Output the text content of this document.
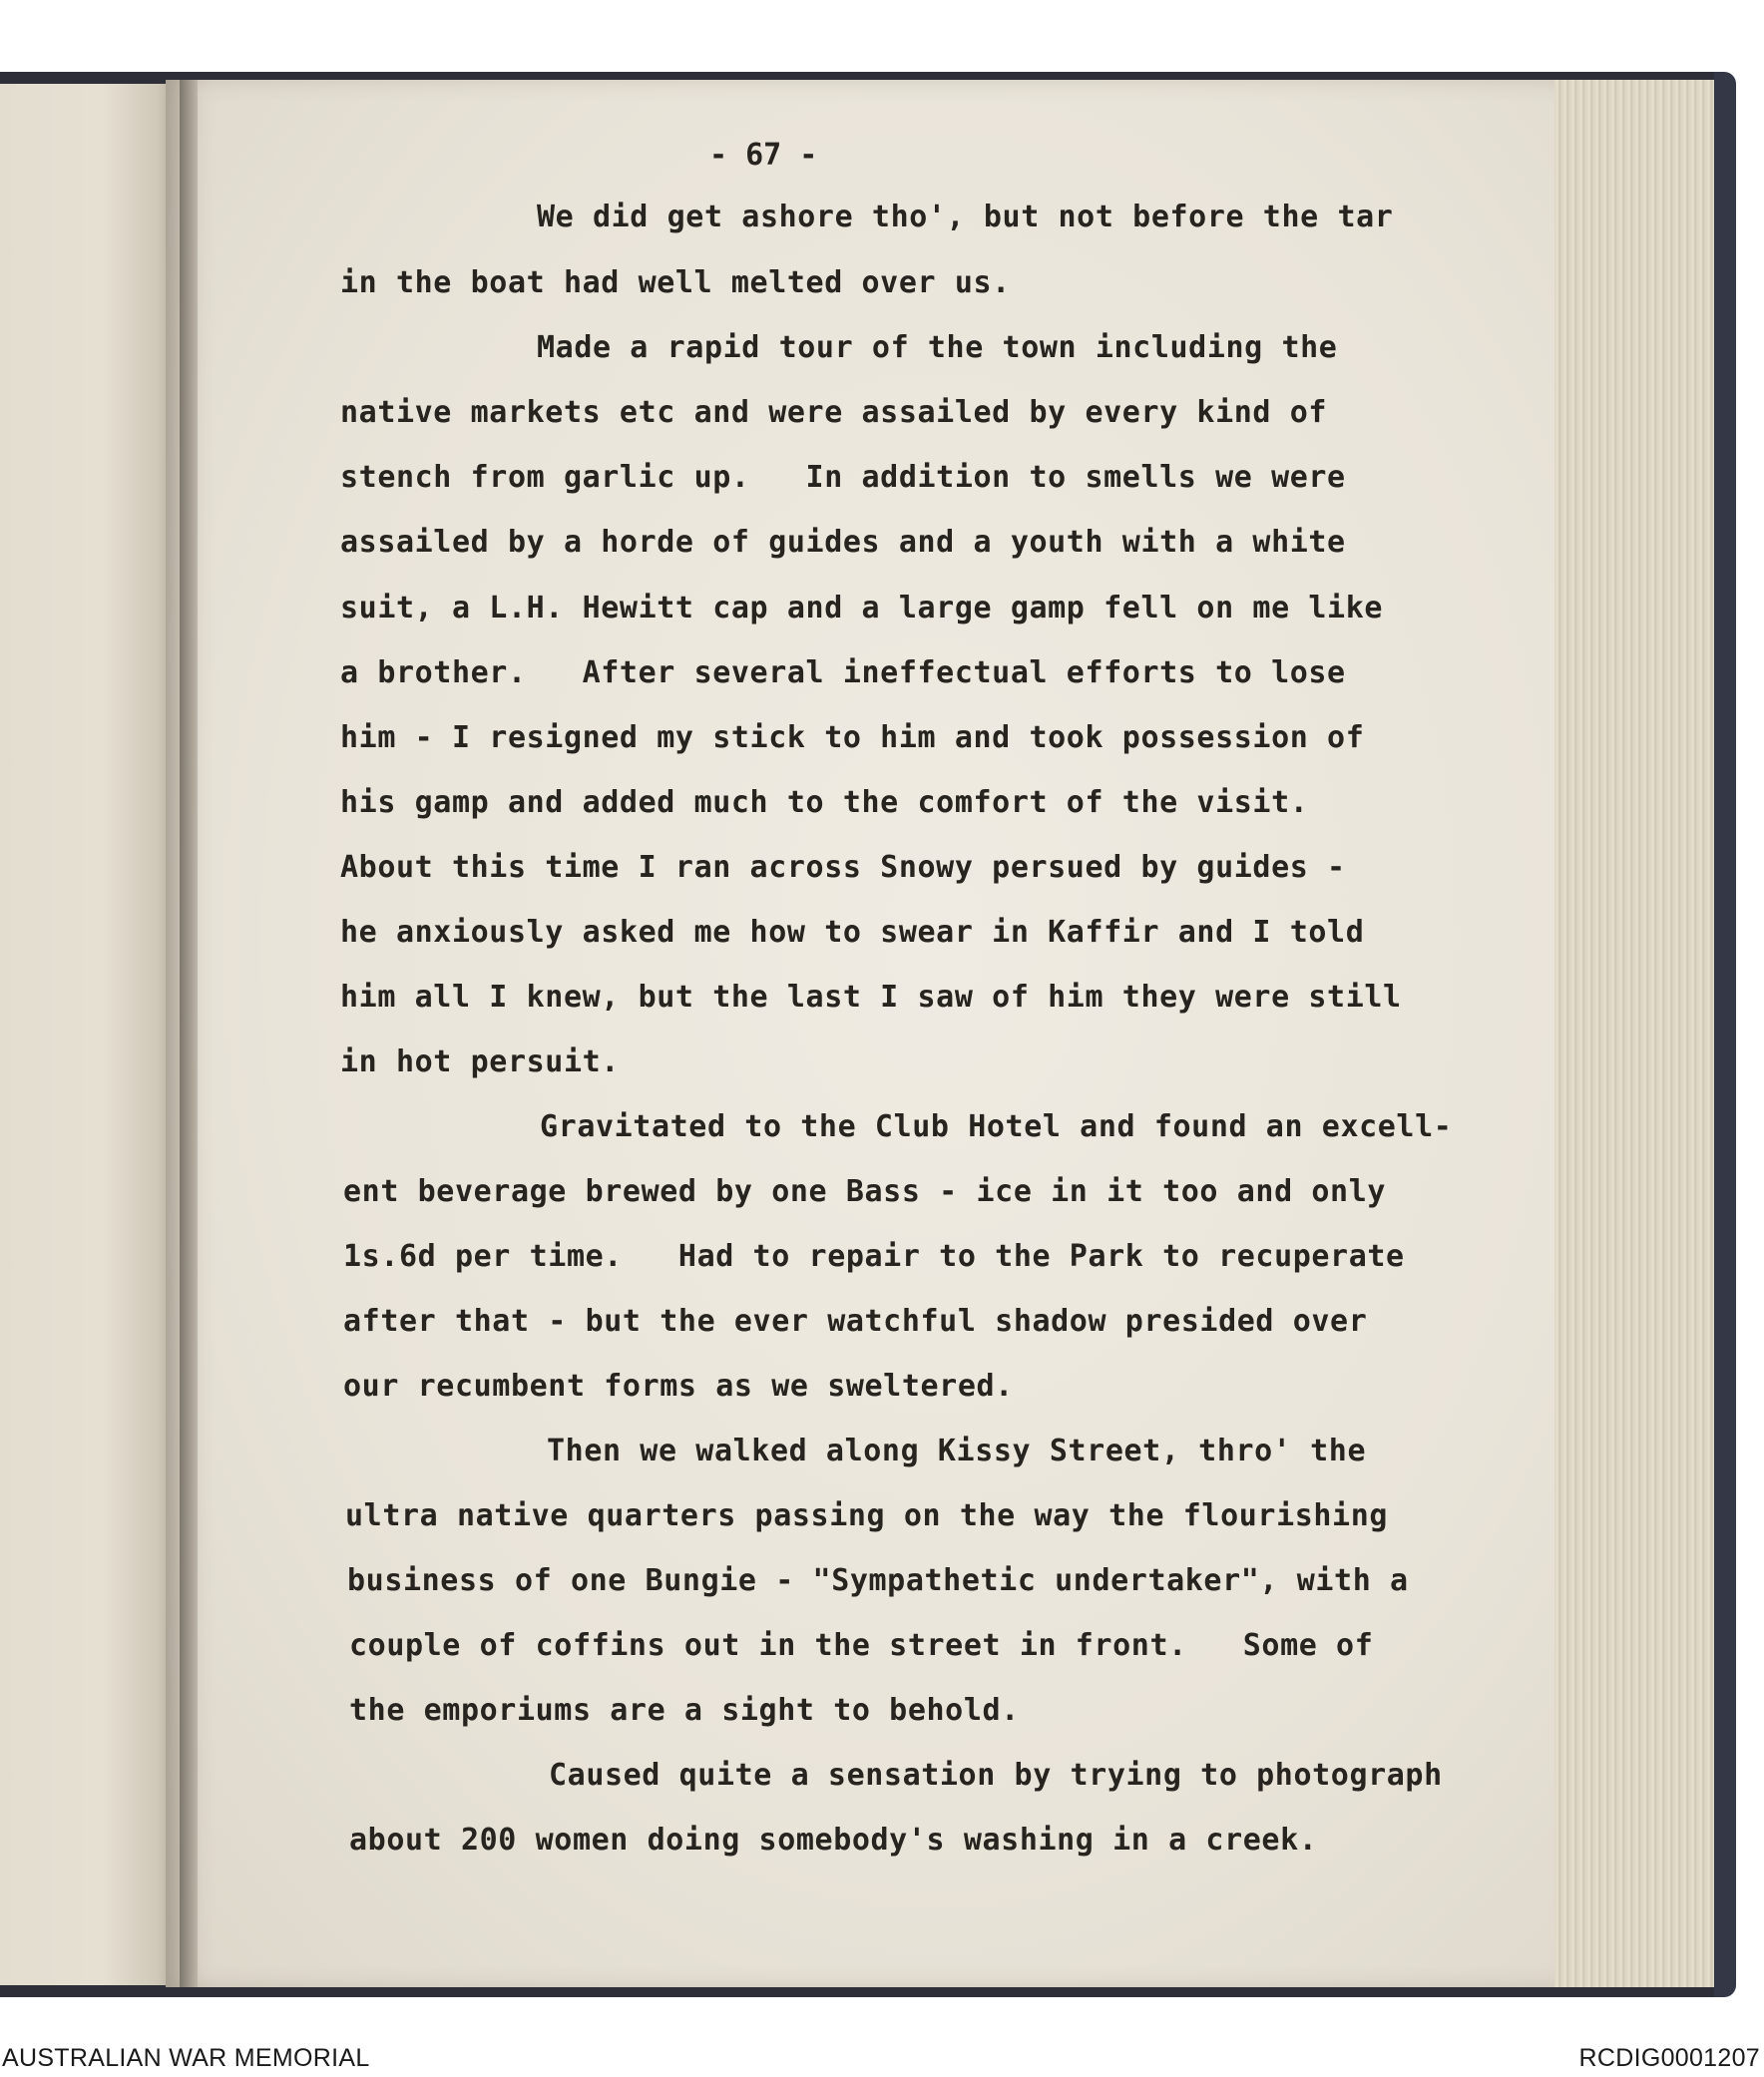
- 67 -
We did get ashore tho', but not before the tar
in the boat had well melted over us.
Made a rapid tour of the town including the
native markets etc and were assailed by every kind of
stench from garlic up.   In addition to smells we were
assailed by a horde of guides and a youth with a white
suit, a L.H. Hewitt cap and a large gamp fell on me like
a brother.   After several ineffectual efforts to lose
him - I resigned my stick to him and took possession of
his gamp and added much to the comfort of the visit.
About this time I ran across Snowy persued by guides -
he anxiously asked me how to swear in Kaffir and I told
him all I knew, but the last I saw of him they were still
in hot persuit.
Gravitated to the Club Hotel and found an excell-
ent beverage brewed by one Bass - ice in it too and only
1s.6d per time.   Had to repair to the Park to recuperate
after that - but the ever watchful shadow presided over
our recumbent forms as we sweltered.
Then we walked along Kissy Street, thro' the
ultra native quarters passing on the way the flourishing
business of one Bungie - "Sympathetic undertaker", with a
couple of coffins out in the street in front.   Some of
the emporiums are a sight to behold.
Caused quite a sensation by trying to photograph
about 200 women doing somebody's washing in a creek.
AUSTRALIAN WAR MEMORIAL	RCDIG0001207
